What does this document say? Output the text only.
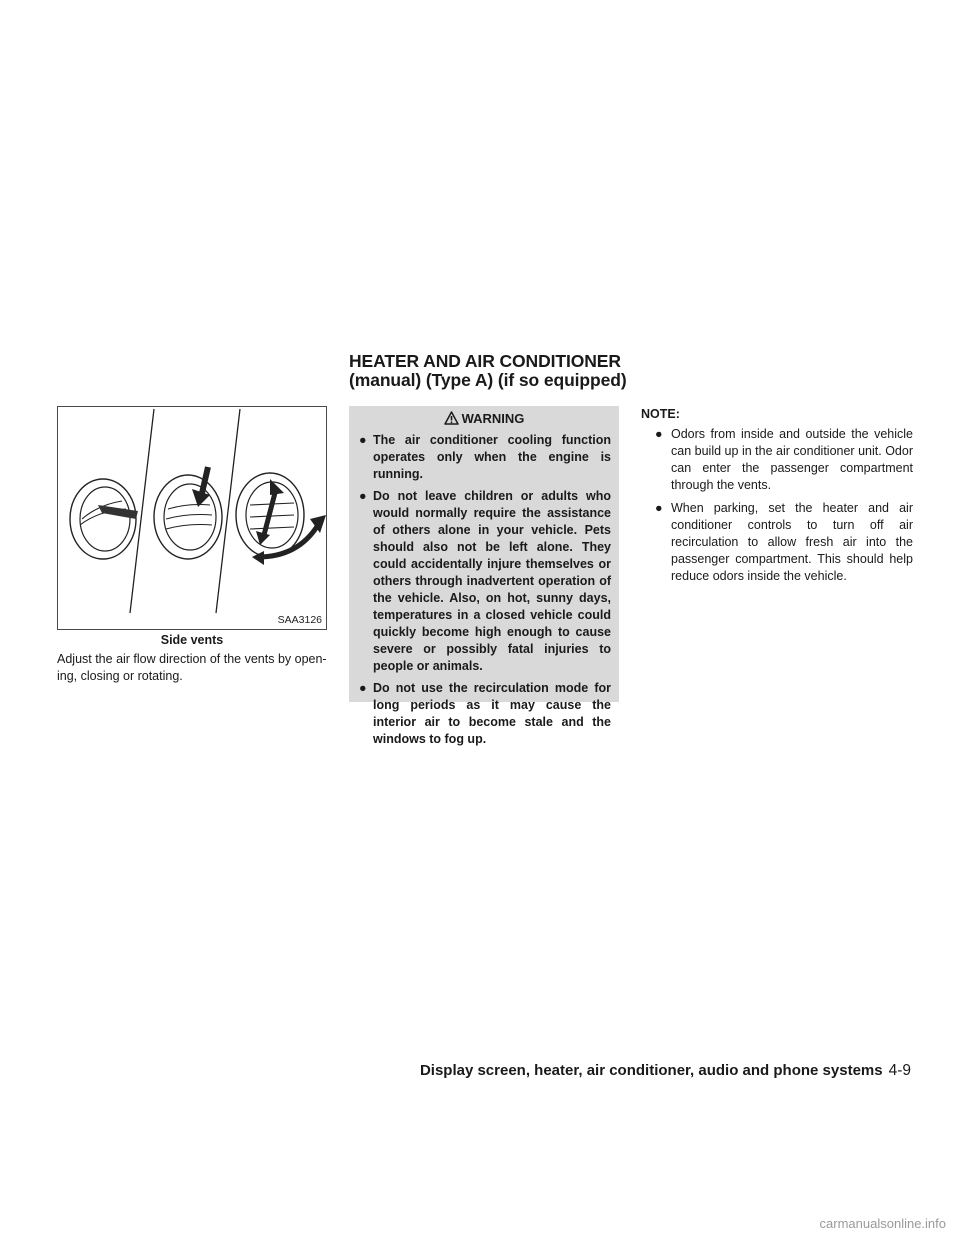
HEATER AND AIR CONDITIONER
(manual) (Type A) (if so equipped)
SAA3126
Side vents
Adjust the air flow direction of the vents by open-
ing, closing or rotating.
WARNING
● The air conditioner cooling function operates only when the engine is running.
● Do not leave children or adults who would normally require the assistance of others alone in your vehicle. Pets should also not be left alone. They could accidentally injure themselves or others through inadvertent operation of the vehicle. Also, on hot, sunny days, temperatures in a closed vehicle could quickly become high enough to cause severe or possibly fatal injuries to people or animals.
● Do not use the recirculation mode for long periods as it may cause the interior air to become stale and the windows to fog up.
NOTE:
● Odors from inside and outside the vehicle can build up in the air conditioner unit. Odor can enter the passenger compartment through the vents.
● When parking, set the heater and air conditioner controls to turn off air recirculation to allow fresh air into the passenger compartment. This should help reduce odors inside the vehicle.
Display screen, heater, air conditioner, audio and phone systems 4-9
carmanualsonline.info
